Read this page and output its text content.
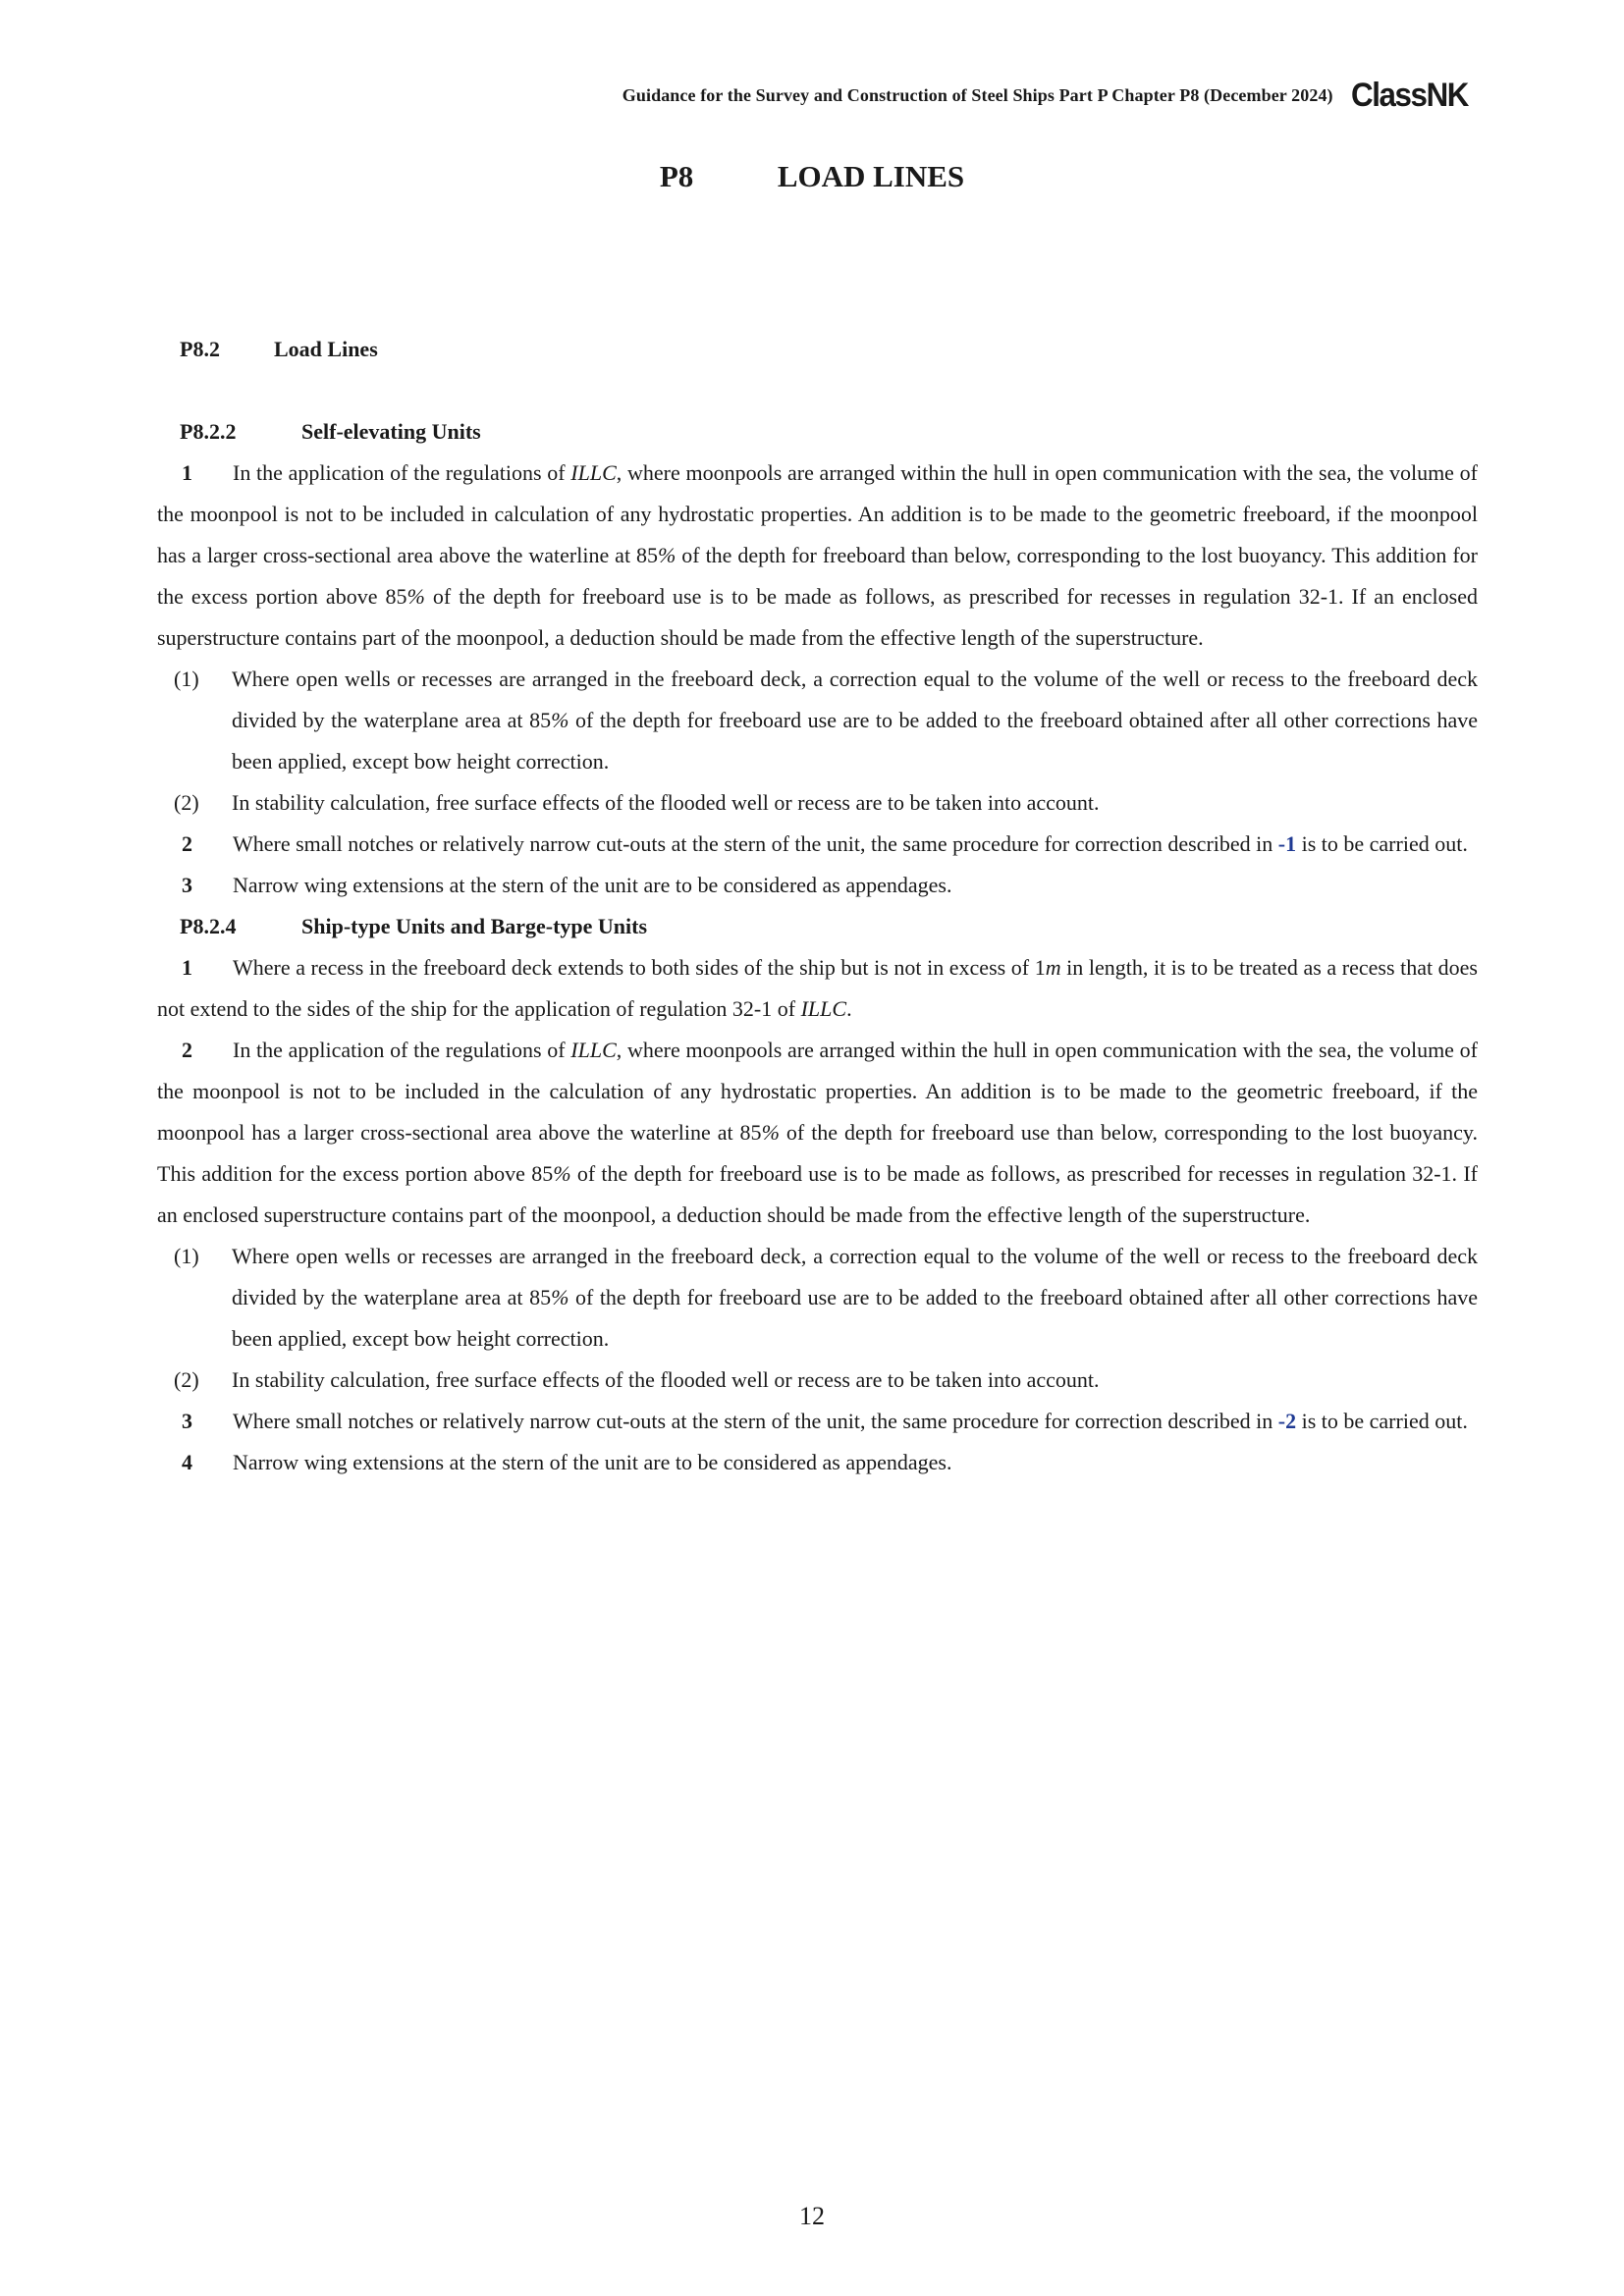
Guidance for the Survey and Construction of Steel Ships Part P Chapter P8 (December 2024) ClassNK
P8	LOAD LINES
P8.2	Load Lines
P8.2.2	Self-elevating Units
1 In the application of the regulations of ILLC, where moonpools are arranged within the hull in open communication with the sea, the volume of the moonpool is not to be included in calculation of any hydrostatic properties. An addition is to be made to the geometric freeboard, if the moonpool has a larger cross-sectional area above the waterline at 85% of the depth for freeboard than below, corresponding to the lost buoyancy. This addition for the excess portion above 85% of the depth for freeboard use is to be made as follows, as prescribed for recesses in regulation 32-1. If an enclosed superstructure contains part of the moonpool, a deduction should be made from the effective length of the superstructure.
(1) Where open wells or recesses are arranged in the freeboard deck, a correction equal to the volume of the well or recess to the freeboard deck divided by the waterplane area at 85% of the depth for freeboard use are to be added to the freeboard obtained after all other corrections have been applied, except bow height correction.
(2) In stability calculation, free surface effects of the flooded well or recess are to be taken into account.
2 Where small notches or relatively narrow cut-outs at the stern of the unit, the same procedure for correction described in -1 is to be carried out.
3 Narrow wing extensions at the stern of the unit are to be considered as appendages.
P8.2.4	Ship-type Units and Barge-type Units
1 Where a recess in the freeboard deck extends to both sides of the ship but is not in excess of 1m in length, it is to be treated as a recess that does not extend to the sides of the ship for the application of regulation 32-1 of ILLC.
2 In the application of the regulations of ILLC, where moonpools are arranged within the hull in open communication with the sea, the volume of the moonpool is not to be included in the calculation of any hydrostatic properties. An addition is to be made to the geometric freeboard, if the moonpool has a larger cross-sectional area above the waterline at 85% of the depth for freeboard use than below, corresponding to the lost buoyancy. This addition for the excess portion above 85% of the depth for freeboard use is to be made as follows, as prescribed for recesses in regulation 32-1. If an enclosed superstructure contains part of the moonpool, a deduction should be made from the effective length of the superstructure.
(1) Where open wells or recesses are arranged in the freeboard deck, a correction equal to the volume of the well or recess to the freeboard deck divided by the waterplane area at 85% of the depth for freeboard use are to be added to the freeboard obtained after all other corrections have been applied, except bow height correction.
(2) In stability calculation, free surface effects of the flooded well or recess are to be taken into account.
3 Where small notches or relatively narrow cut-outs at the stern of the unit, the same procedure for correction described in -2 is to be carried out.
4 Narrow wing extensions at the stern of the unit are to be considered as appendages.
12
